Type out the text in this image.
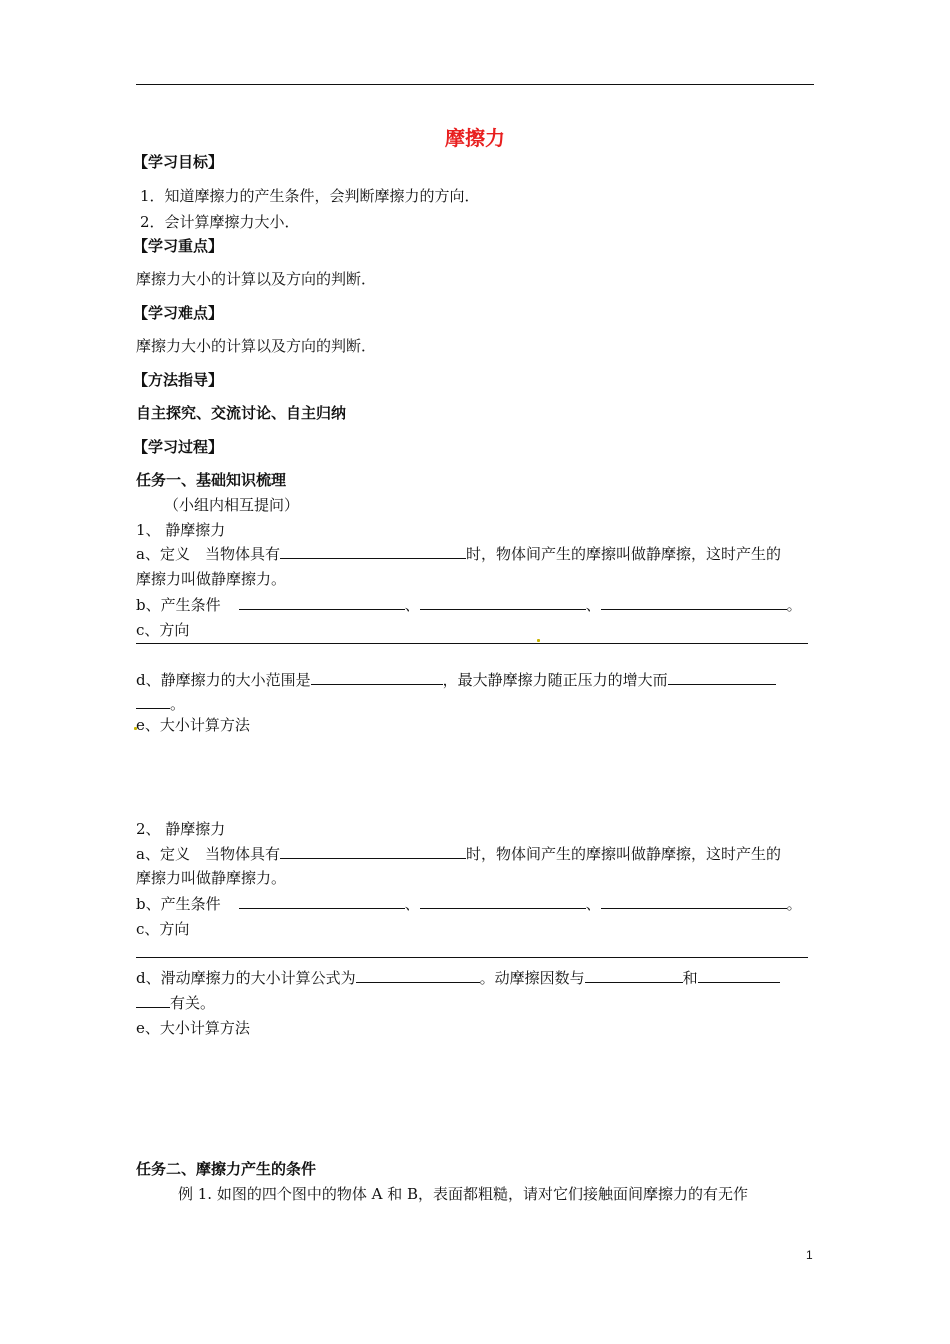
摩擦力
【学习目标】
1．知道摩擦力的产生条件，会判断摩擦力的方向．
2．会计算摩擦力大小．
【学习重点】
摩擦力大小的计算以及方向的判断．
【学习难点】
摩擦力大小的计算以及方向的判断．
【方法指导】
自主探究、交流讨论、自主归纳
【学习过程】
任务一、基础知识梳理
（小组内相互提问）
1、 静摩擦力
a、定义　当物体具有	时，物体间产生的摩擦叫做静摩擦，这时产生的
摩擦力叫做静摩擦力。
b、产生条件	、	、	。
c、方向
d、静摩擦力的大小范围是	，最大静摩擦力随正压力的增大而
。
e、大小计算方法
2、 静摩擦力
a、定义　当物体具有	时，物体间产生的摩擦叫做静摩擦，这时产生的
摩擦力叫做静摩擦力。
b、产生条件	、	、	。
c、方向
d、滑动摩擦力的大小计算公式为	。动摩擦因数与	和
有关。
e、大小计算方法
任务二、摩擦力产生的条件
例 1. 如图的四个图中的物体 A 和 B，表面都粗糙，请对它们接触面间摩擦力的有无作
1
